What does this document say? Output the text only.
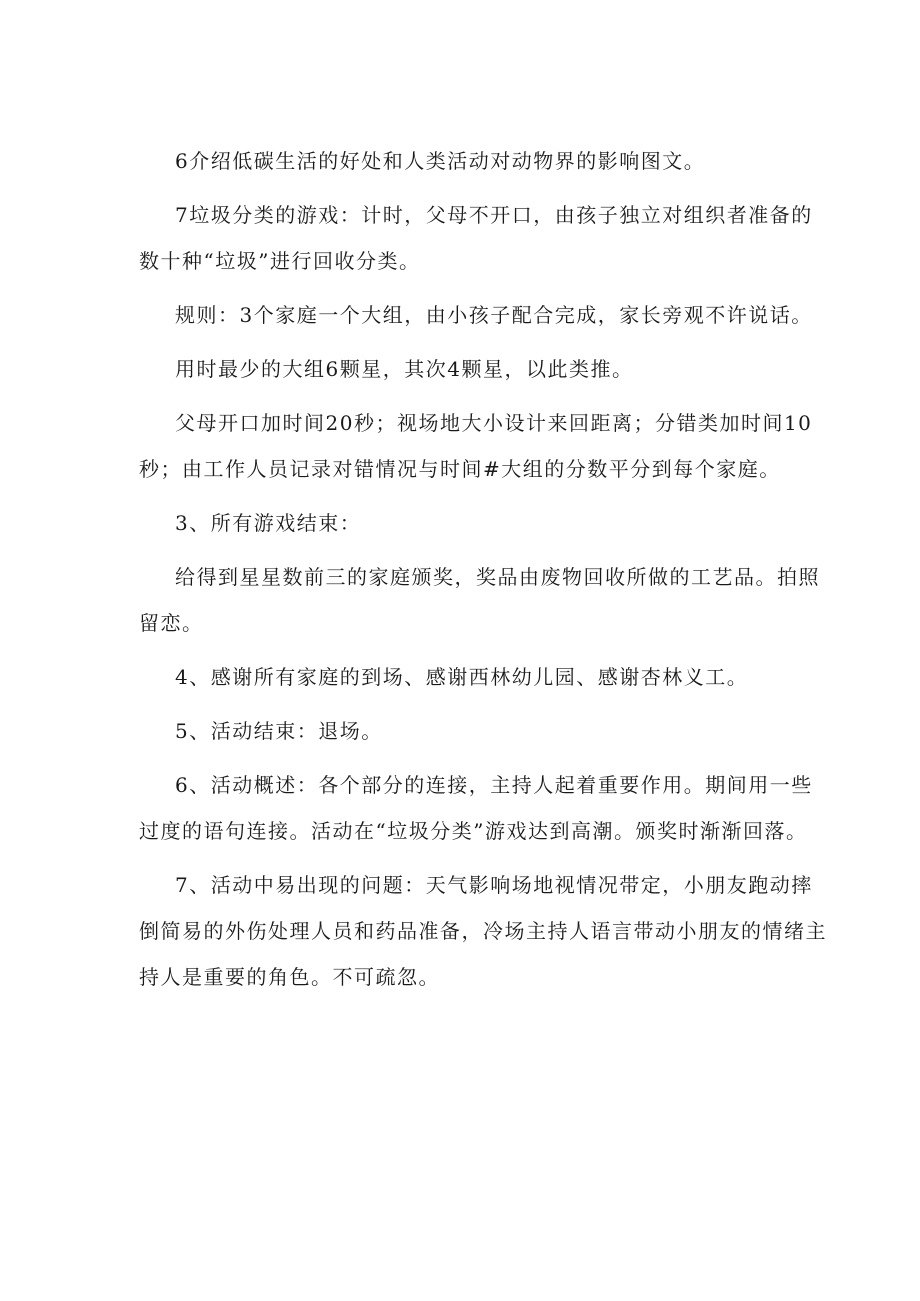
6介绍低碳生活的好处和人类活动对动物界的影响图文。
7垃圾分类的游戏：计时，父母不开口，由孩子独立对组织者准备的
数十种“垃圾”进行回收分类。
规则：3个家庭一个大组，由小孩子配合完成，家长旁观不许说话。
用时最少的大组6颗星，其次4颗星，以此类推。
父母开口加时间20秒；视场地大小设计来回距离；分错类加时间10
秒；由工作人员记录对错情况与时间#大组的分数平分到每个家庭。
3、所有游戏结束：
给得到星星数前三的家庭颁奖，奖品由废物回收所做的工艺品。拍照
留恋。
4、感谢所有家庭的到场、感谢西林幼儿园、感谢杏林义工。
5、活动结束：退场。
6、活动概述：各个部分的连接，主持人起着重要作用。期间用一些
过度的语句连接。活动在“垃圾分类”游戏达到高潮。颁奖时渐渐回落。
7、活动中易出现的问题：天气影响场地视情况带定，小朋友跑动摔
倒简易的外伤处理人员和药品准备，冷场主持人语言带动小朋友的情绪主
持人是重要的角色。不可疏忽。
